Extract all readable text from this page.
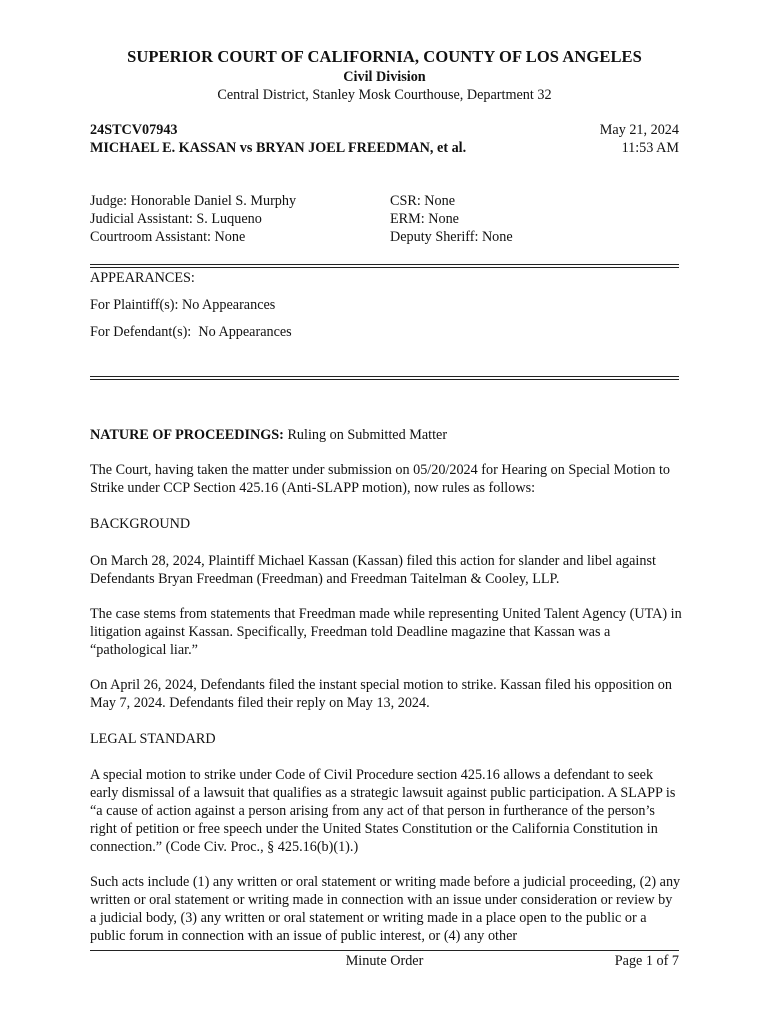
SUPERIOR COURT OF CALIFORNIA, COUNTY OF LOS ANGELES
Civil Division
Central District, Stanley Mosk Courthouse, Department 32
24STCV07943
MICHAEL E. KASSAN vs BRYAN JOEL FREEDMAN, et al.
May 21, 2024
11:53 AM
Judge: Honorable Daniel S. Murphy
Judicial Assistant: S. Luqueno
Courtroom Assistant: None
CSR: None
ERM: None
Deputy Sheriff: None
APPEARANCES:
For Plaintiff(s): No Appearances
For Defendant(s):  No Appearances
NATURE OF PROCEEDINGS: Ruling on Submitted Matter

The Court, having taken the matter under submission on 05/20/2024 for Hearing on Special Motion to Strike under CCP Section 425.16 (Anti-SLAPP motion), now rules as follows:

BACKGROUND

On March 28, 2024, Plaintiff Michael Kassan (Kassan) filed this action for slander and libel against Defendants Bryan Freedman (Freedman) and Freedman Taitelman & Cooley, LLP.

The case stems from statements that Freedman made while representing United Talent Agency (UTA) in litigation against Kassan. Specifically, Freedman told Deadline magazine that Kassan was a “pathological liar.”

On April 26, 2024, Defendants filed the instant special motion to strike. Kassan filed his opposition on May 7, 2024. Defendants filed their reply on May 13, 2024.

LEGAL STANDARD

A special motion to strike under Code of Civil Procedure section 425.16 allows a defendant to seek early dismissal of a lawsuit that qualifies as a strategic lawsuit against public participation. A SLAPP is “a cause of action against a person arising from any act of that person in furtherance of the person’s right of petition or free speech under the United States Constitution or the California Constitution in connection.” (Code Civ. Proc., § 425.16(b)(1).)

Such acts include (1) any written or oral statement or writing made before a judicial proceeding, (2) any written or oral statement or writing made in connection with an issue under consideration or review by a judicial body, (3) any written or oral statement or writing made in a place open to the public or a public forum in connection with an issue of public interest, or (4) any other

Minute Order	Page 1 of 7
